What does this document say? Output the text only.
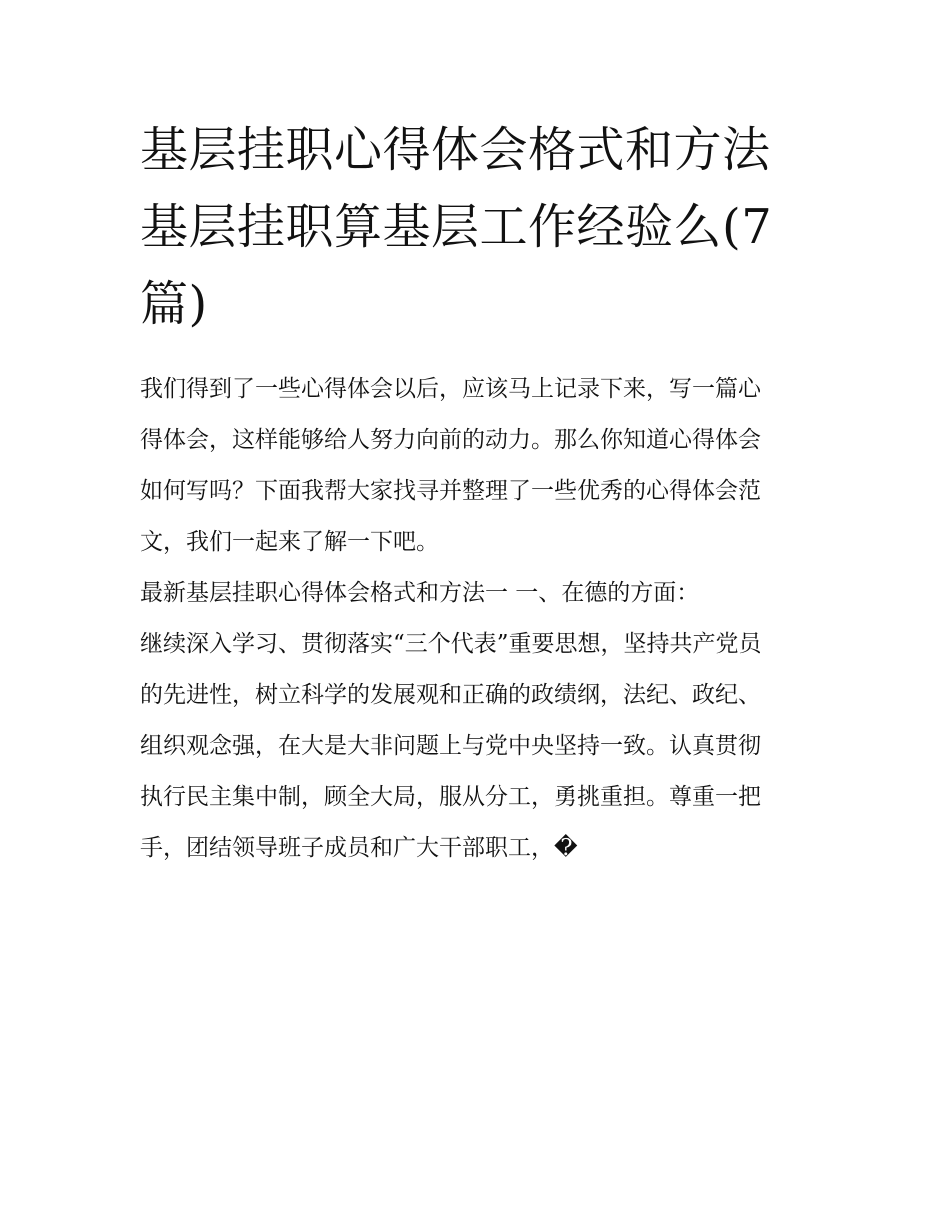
基层挂职心得体会格式和方法
基层挂职算基层工作经验么(7
篇)

我们得到了一些心得体会以后，应该马上记录下来，写一篇心
得体会，这样能够给人努力向前的动力。那么你知道心得体会
如何写吗？下面我帮大家找寻并整理了一些优秀的心得体会范
文，我们一起来了解一下吧。

最新基层挂职心得体会格式和方法一 一、在德的方面：

继续深入学习、贯彻落实“三个代表”重要思想，坚持共产党员
的先进性，树立科学的发展观和正确的政绩纲，法纪、政纪、
组织观念强，在大是大非问题上与党中央坚持一致。认真贯彻
执行民主集中制，顾全大局，服从分工，勇挑重担。尊重一把
手，团结领导班子成员和广大干部职工，�
